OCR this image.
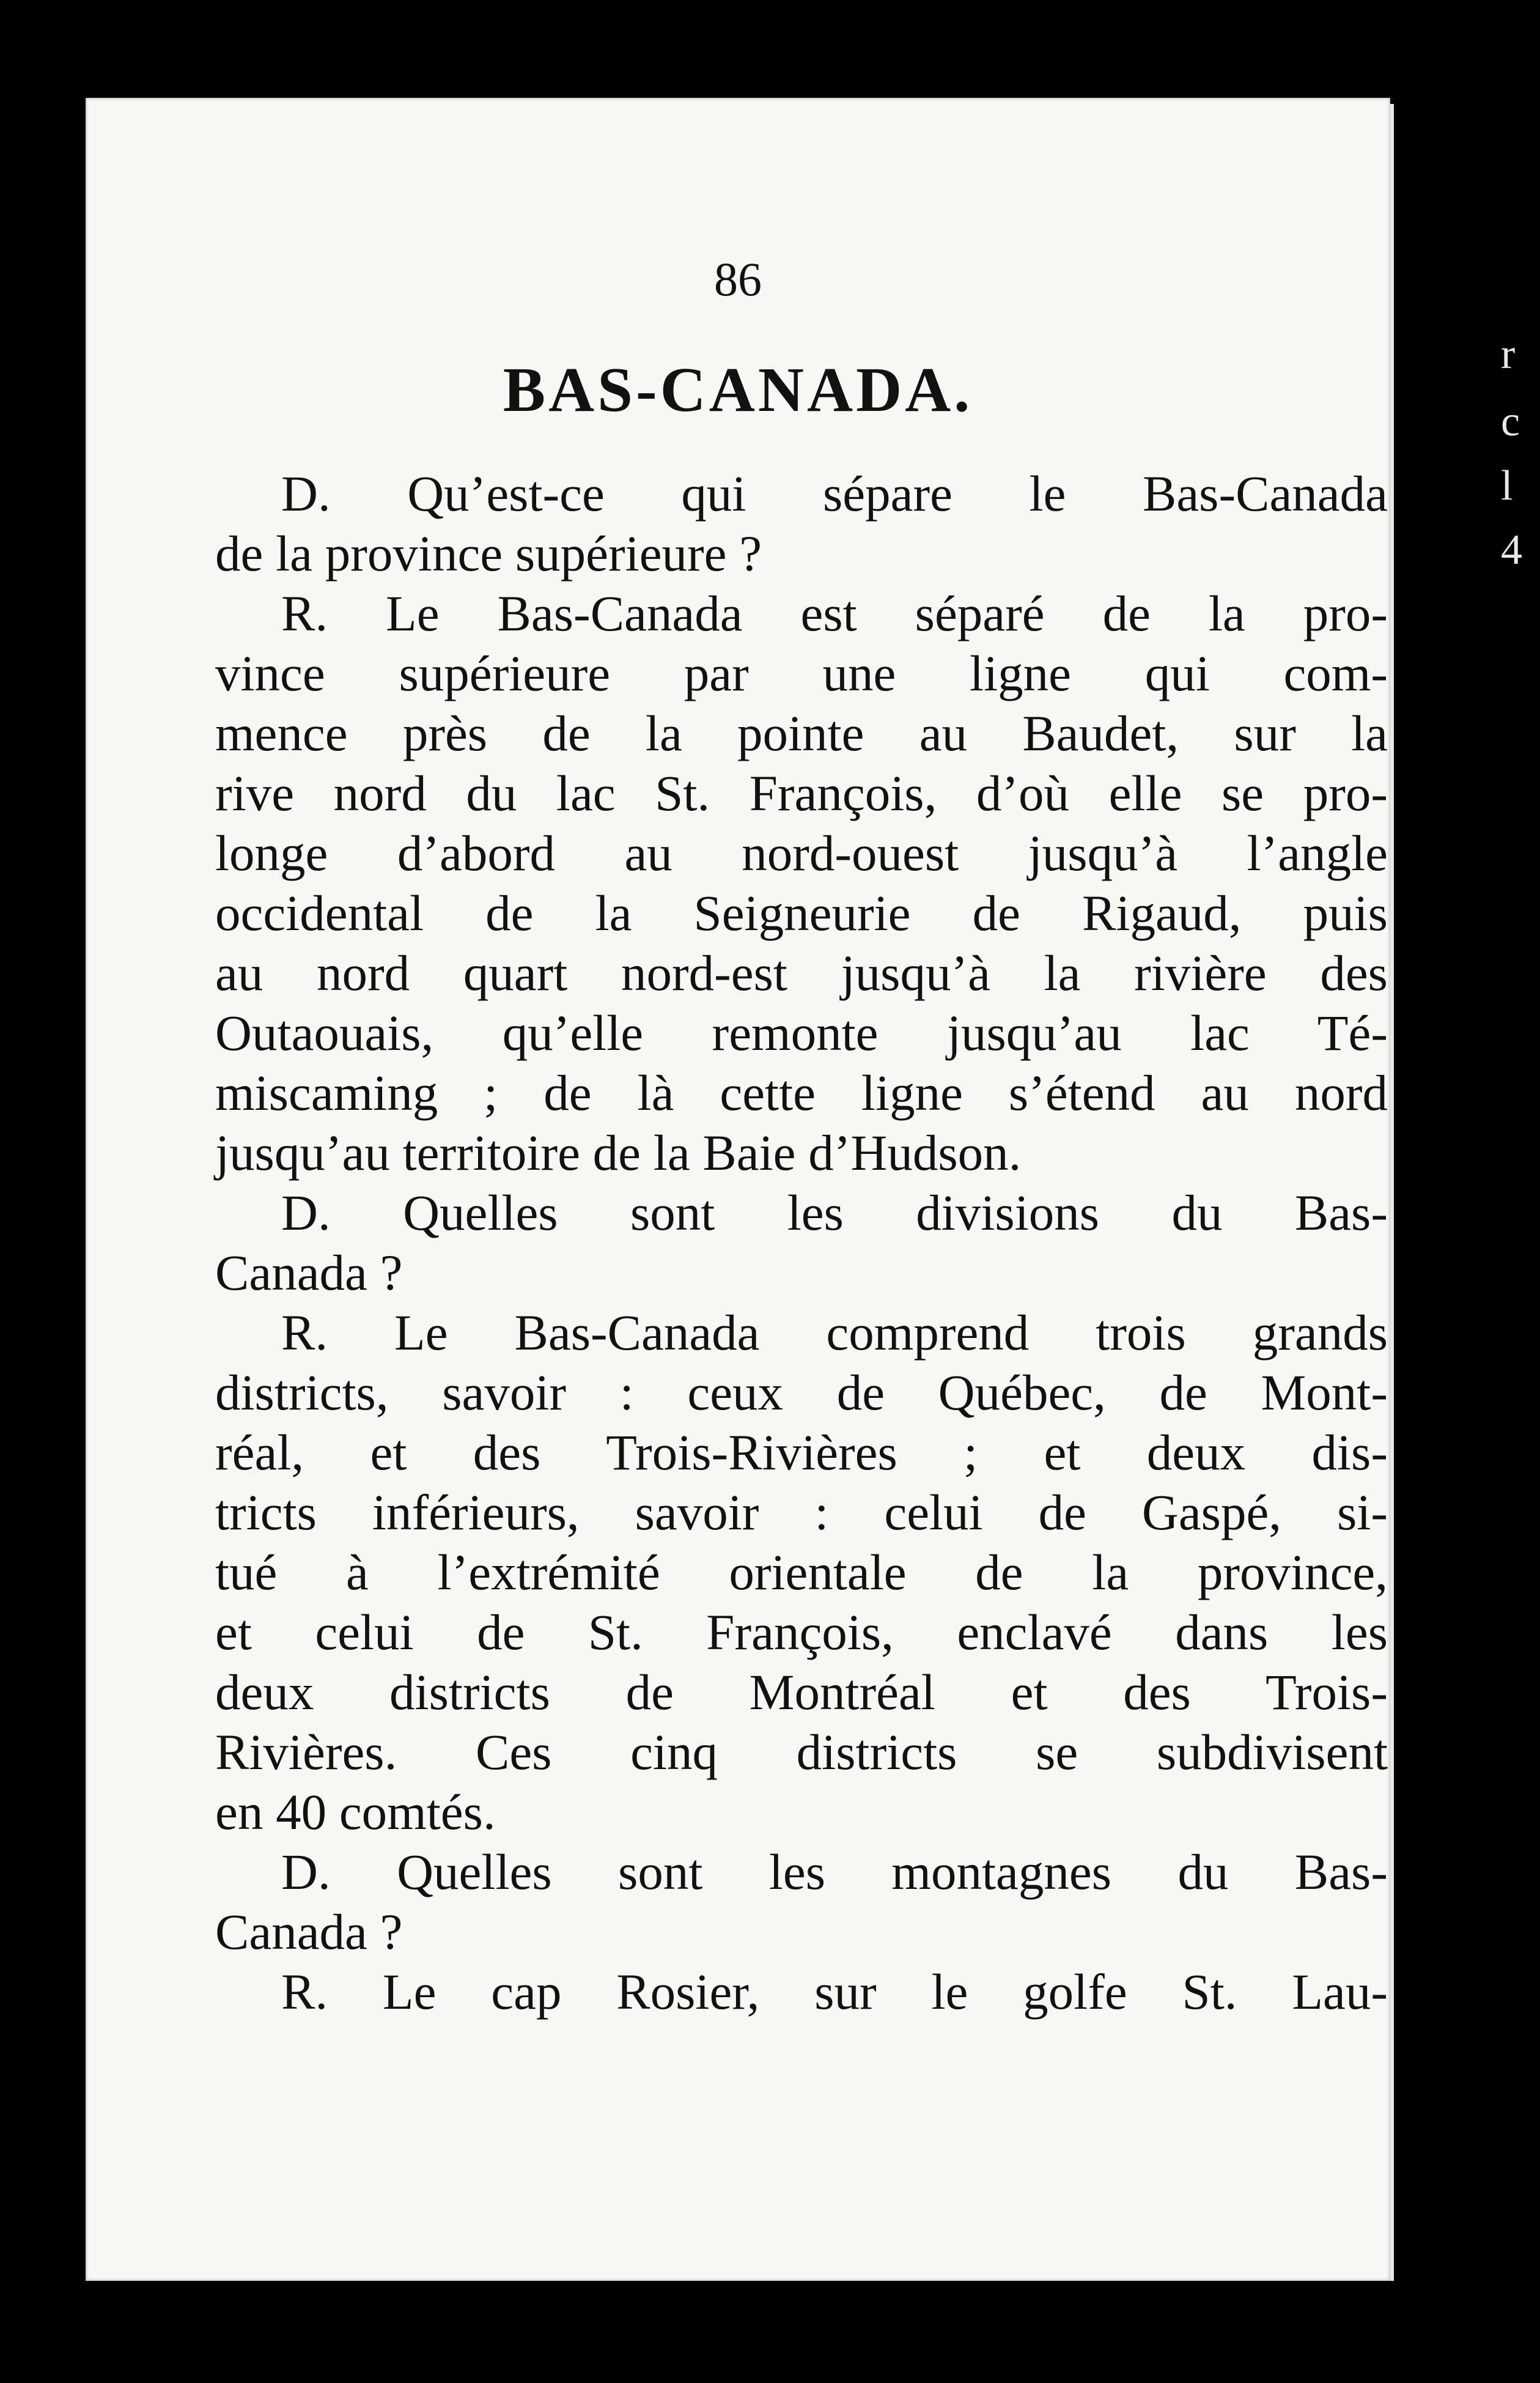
86
BAS-CANADA.
D. Qu’est-ce qui sépare le Bas-Canada
de la province supérieure ?
R. Le Bas-Canada est séparé de la pro-
vince supérieure par une ligne qui com-
mence près de la pointe au Baudet, sur la
rive nord du lac St. François, d’où elle se pro-
longe d’abord au nord-ouest jusqu’à l’angle
occidental de la Seigneurie de Rigaud, puis
au nord quart nord-est jusqu’à la rivière des
Outaouais, qu’elle remonte jusqu’au lac Té-
miscaming ; de là cette ligne s’étend au nord
jusqu’au territoire de la Baie d’Hudson.
D. Quelles sont les divisions du Bas-
Canada ?
R. Le Bas-Canada comprend trois grands
districts, savoir : ceux de Québec, de Mont-
réal, et des Trois-Rivières ; et deux dis-
tricts inférieurs, savoir : celui de Gaspé, si-
tué à l’extrémité orientale de la province,
et celui de St. François, enclavé dans les
deux districts de Montréal et des Trois-
Rivières. Ces cinq districts se subdivisent
en 40 comtés.
D. Quelles sont les montagnes du Bas-
Canada ?
R. Le cap Rosier, sur le golfe St. Lau-
r
c
l
4
